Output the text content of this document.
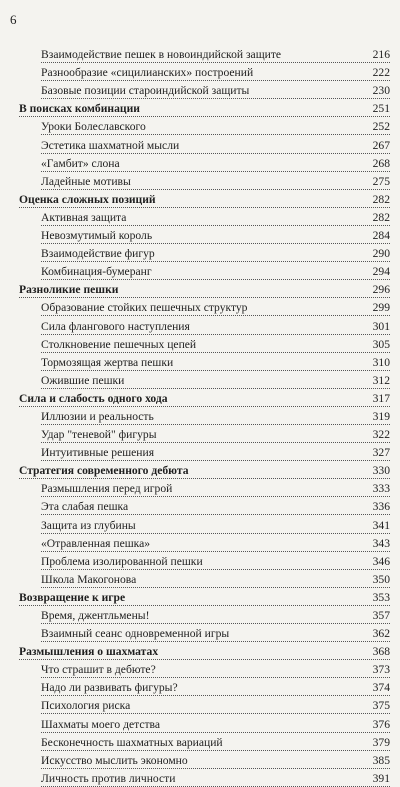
6
Взаимодействие пешек в новоиндийской защите	216
Разнообразие «сицилианских» построений	222
Базовые позиции староиндийской защиты	230
В поисках комбинации	251
Уроки Болеславского	252
Эстетика шахматной мысли	267
«Гамбит» слона	268
Ладейные мотивы	275
Оценка сложных позиций	282
Активная защита	282
Невозмутимый король	284
Взаимодействие фигур	290
Комбинация-бумеранг	294
Разноликие пешки	296
Образование стойких пешечных структур	299
Сила флангового наступления	301
Столкновение пешечных цепей	305
Тормозящая жертва пешки	310
Ожившие пешки	312
Сила и слабость одного хода	317
Иллюзии и реальность	319
Удар "теневой" фигуры	322
Интуитивные решения	327
Стратегия современного дебюта	330
Размышления перед игрой	333
Эта слабая пешка	336
Защита из глубины	341
«Отравленная пешка»	343
Проблема изолированной пешки	346
Школа Макогонова	350
Возвращение к игре	353
Время, джентльмены!	357
Взаимный сеанс одновременной игры	362
Размышления о шахматах	368
Что страшит в дебюте?	373
Надо ли развивать фигуры?	374
Психология риска	375
Шахматы моего детства	376
Бесконечность шахматных вариаций	379
Искусство мыслить экономно	385
Личность против личности	391
